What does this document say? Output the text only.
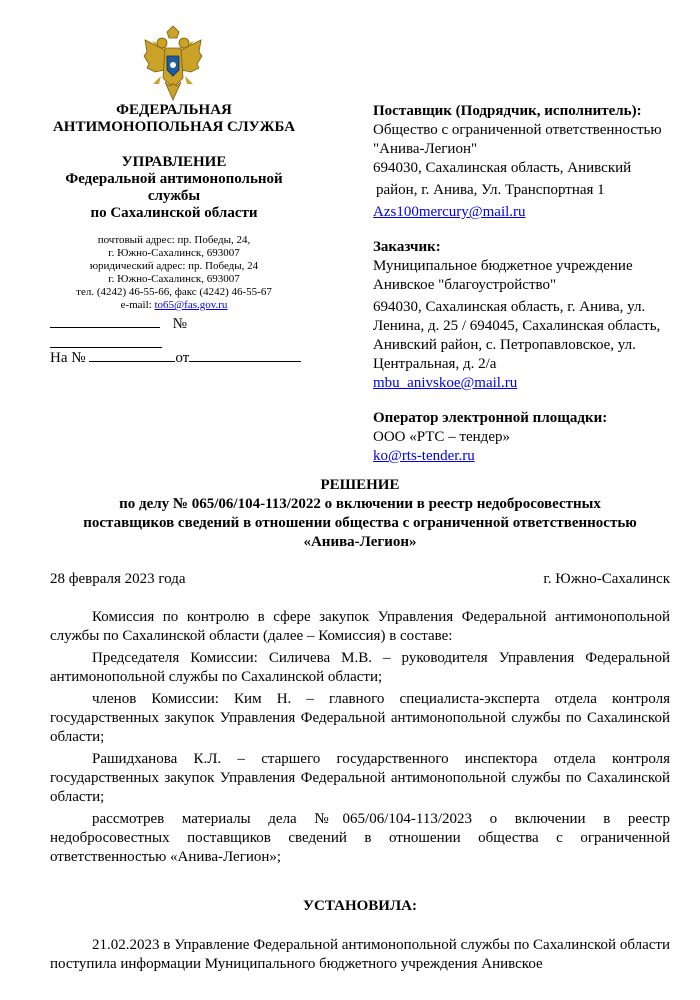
ФЕДЕРАЛЬНАЯ
АНТИМОНОПОЛЬНАЯ СЛУЖБА
УПРАВЛЕНИЕ
Федеральной антимонопольной службы
по Сахалинской области
почтовый адрес: пр. Победы, 24,
г. Южно-Сахалинск, 693007
юридический адрес: пр. Победы, 24
г. Южно-Сахалинск, 693007
тел. (4242) 46-55-66, факс (4242) 46-55-67
e-mail: to65@fas.gov.ru
№
На №	от
Поставщик (Подрядчик, исполнитель):
Общество с ограниченной ответственностью
"Анива-Легион"
694030, Сахалинская область, Анивский
район, г. Анива, Ул. Транспортная 1
Azs100mercury@mail.ru
Заказчик:
Муниципальное бюджетное учреждение
Анивское "благоустройство"
694030, Сахалинская область, г. Анива, ул.
Ленина, д. 25 / 694045, Сахалинская область,
Анивский район, с. Петропавловское, ул.
Центральная, д. 2/а
mbu_anivskoe@mail.ru
Оператор электронной площадки:
ООО «РТС – тендер»
ko@rts-tender.ru
РЕШЕНИЕ
по делу № 065/06/104-113/2022 о включении в реестр недобросовестных
поставщиков сведений в отношении общества с ограниченной ответственностью
«Анива-Легион»
28 февраля 2023 года	г. Южно-Сахалинск

Комиссия по контролю в сфере закупок Управления Федеральной антимонопольной службы по Сахалинской области (далее – Комиссия) в составе:

Председателя Комиссии: Силичева М.В. – руководителя Управления Федеральной антимонопольной службы по Сахалинской области;

членов Комиссии: Ким Н. – главного специалиста-эксперта отдела контроля государственных закупок Управления Федеральной антимонопольной службы по Сахалинской области;

Рашидханова К.Л. – старшего государственного инспектора отдела контроля государственных закупок Управления Федеральной антимонопольной службы по Сахалинской области;

рассмотрев материалы дела №065/06/104-113/2023 о включении в реестр недобросовестных поставщиков сведений в отношении общества с ограниченной ответственностью «Анива-Легион»;

УСТАНОВИЛА:
21.02.2023 в Управление Федеральной антимонопольной службы по Сахалинской области поступила информации Муниципального бюджетного учреждения Анивское
